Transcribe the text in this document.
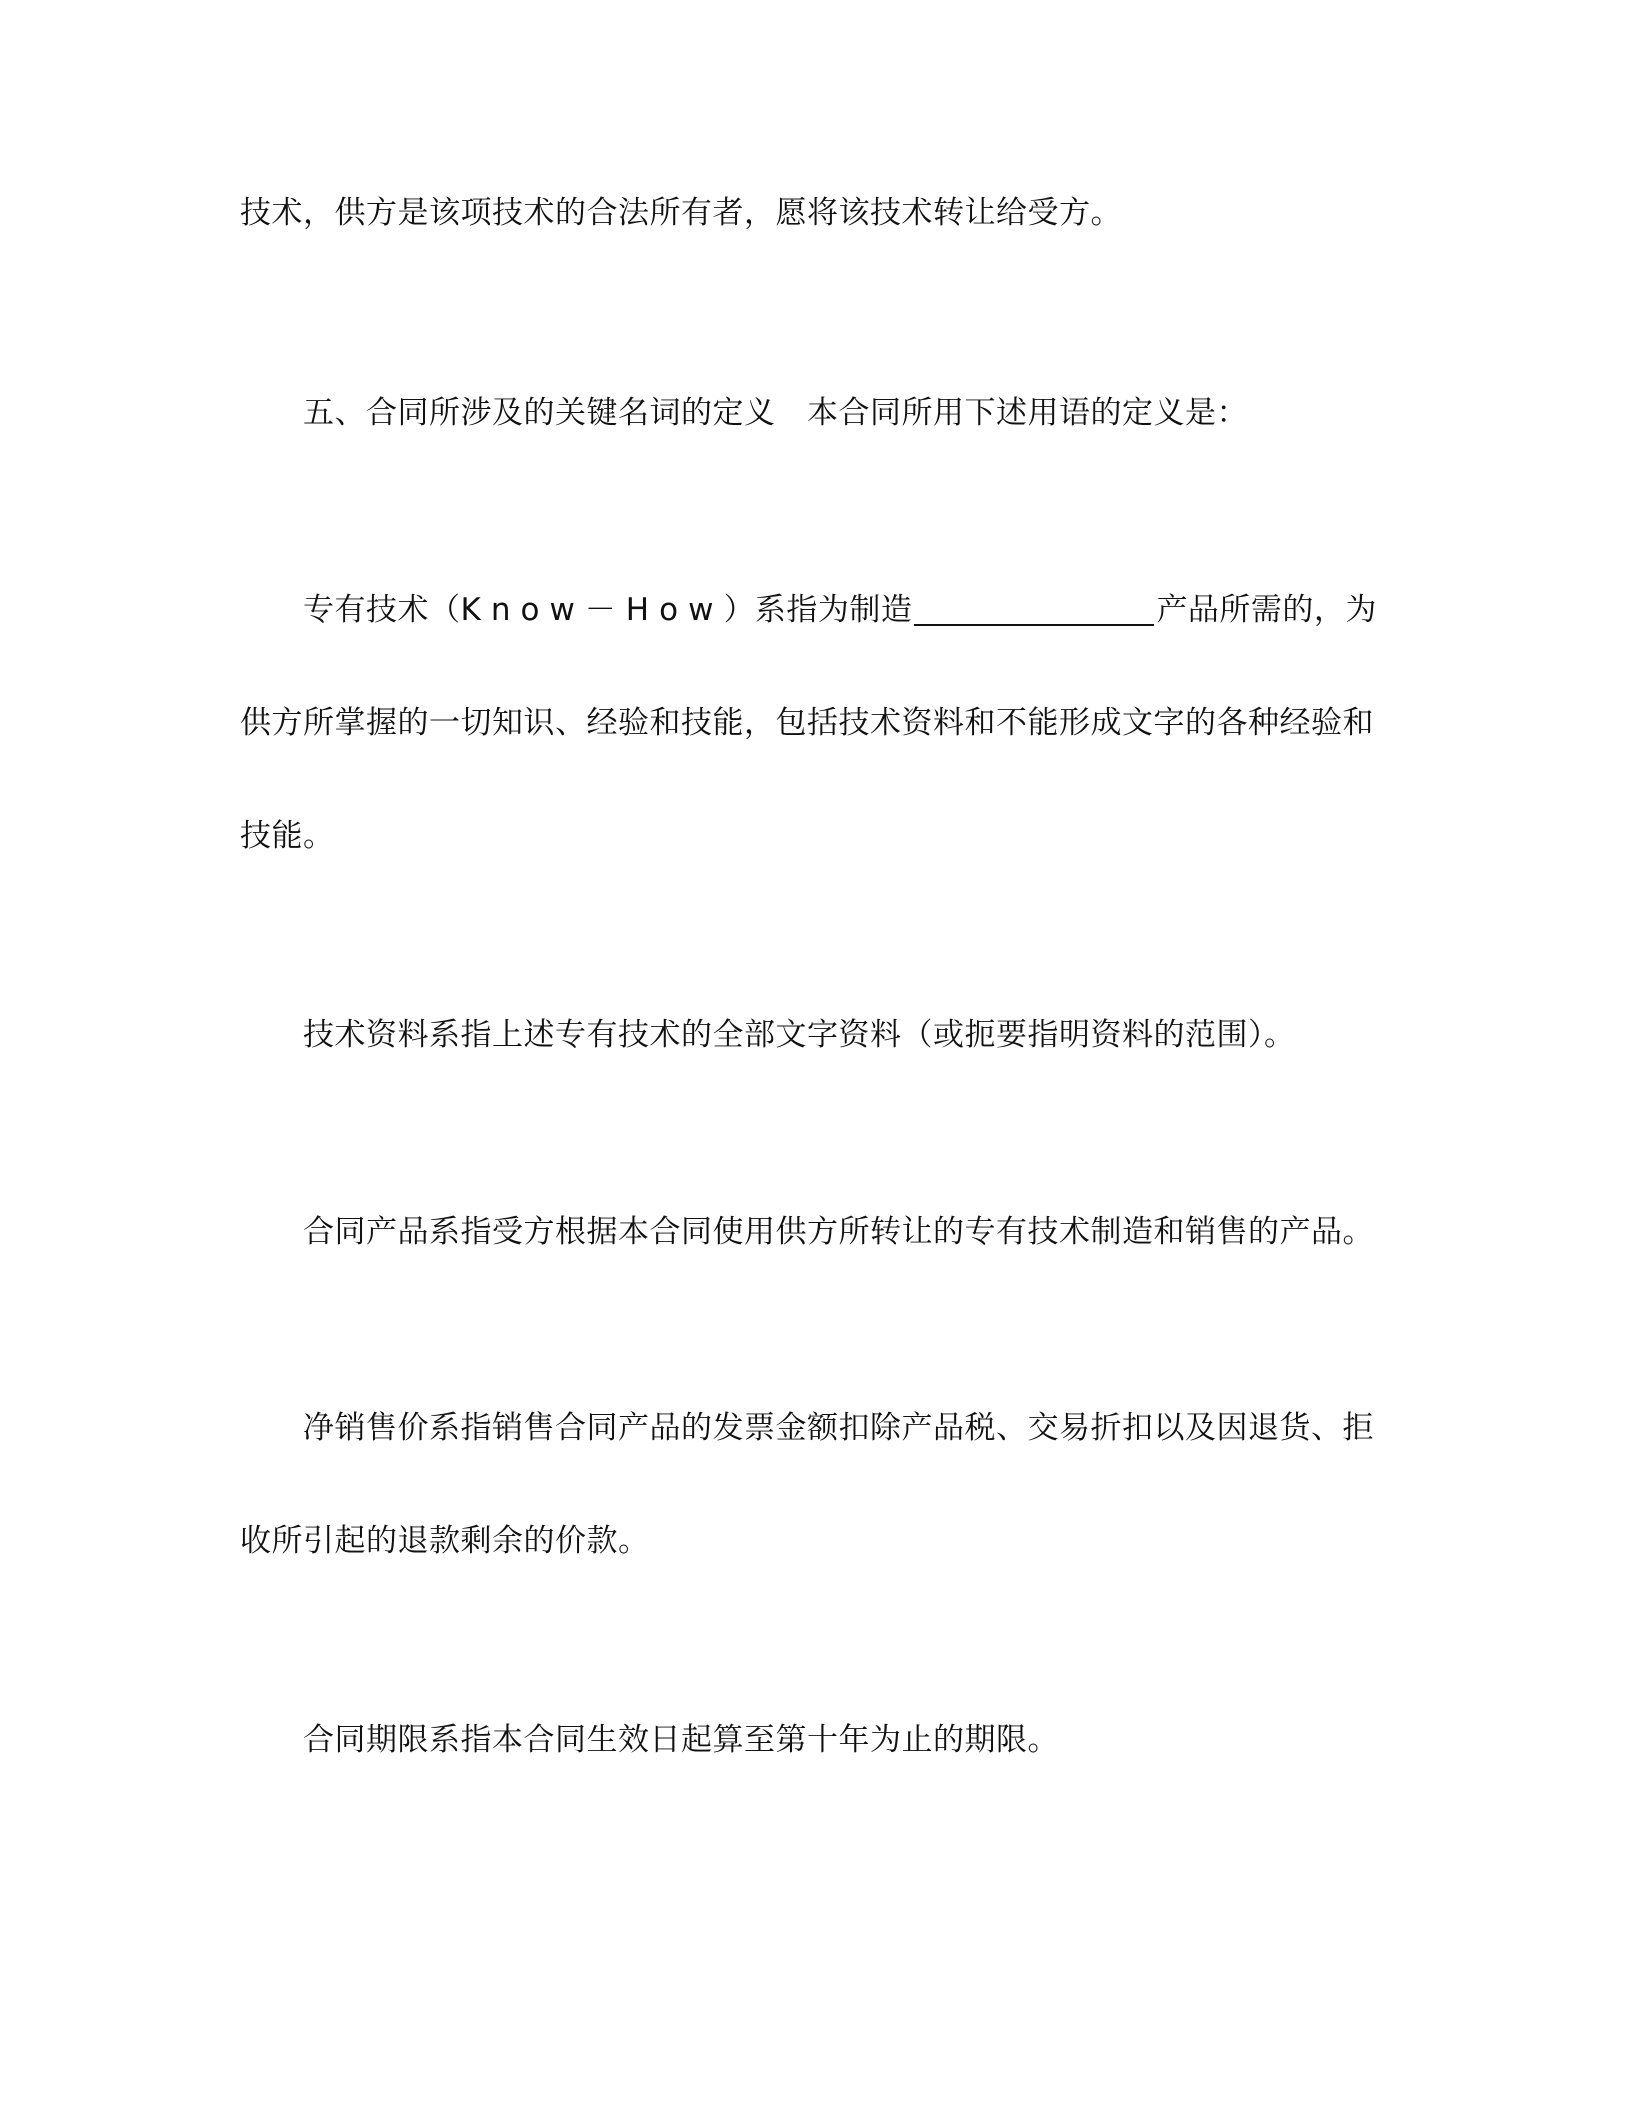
技术，供方是该项技术的合法所有者，愿将该技术转让给受方。
五、合同所涉及的关键名词的定义　本合同所用下述用语的定义是：
专有技术（Know－How）系指为制造	产品所需的，为
供方所掌握的一切知识、经验和技能，包括技术资料和不能形成文字的各种经验和
技能。
技术资料系指上述专有技术的全部文字资料（或扼要指明资料的范围）。
合同产品系指受方根据本合同使用供方所转让的专有技术制造和销售的产品。
净销售价系指销售合同产品的发票金额扣除产品税、交易折扣以及因退货、拒
收所引起的退款剩余的价款。
合同期限系指本合同生效日起算至第十年为止的期限。
